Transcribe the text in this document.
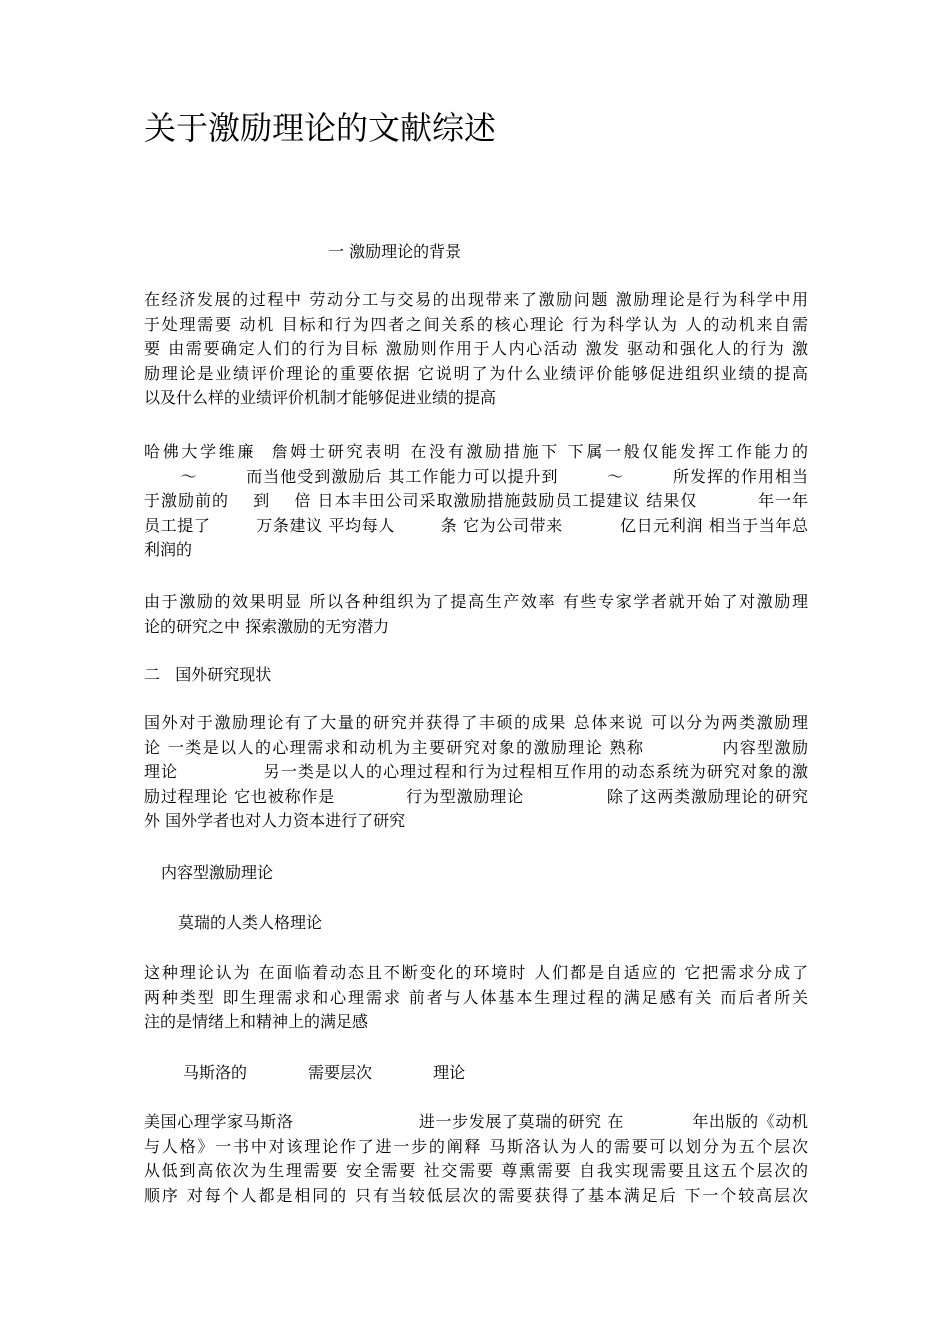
关于激励理论的文献综述
一 激励理论的背景
在经济发展的过程中 劳动分工与交易的出现带来了激励问题 激励理论是行为科学中用
于处理需要 动机 目标和行为四者之间关系的核心理论 行为科学认为 人的动机来自需
要 由需要确定人们的行为目标 激励则作用于人内心活动 激发 驱动和强化人的行为 激
励理论是业绩评价理论的重要依据 它说明了为什么业绩评价能够促进组织业绩的提高
以及什么样的业绩评价机制才能够促进业绩的提高
哈佛大学维廉  詹姆士研究表明 在没有激励措施下 下属一般仅能发挥工作能力的
～        而当他受到激励后 其工作能力可以提升到        ～        所发挥的作用相当
于激励前的    到    倍 日本丰田公司采取激励措施鼓励员工提建议 结果仅          年一年
员工提了        万条建议 平均每人        条 它为公司带来          亿日元利润 相当于当年总
利润的
由于激励的效果明显 所以各种组织为了提高生产效率 有些专家学者就开始了对激励理
论的研究之中 探索激励的无穷潜力
二   国外研究现状
国外对于激励理论有了大量的研究并获得了丰硕的成果 总体来说 可以分为两类激励理
论 一类是以人的心理需求和动机为主要研究对象的激励理论 熟称            内容型激励
理论              另一类是以人的心理过程和行为过程相互作用的动态系统为研究对象的激
励过程理论 它也被称作是            行为型激励理论              除了这两类激励理论的研究
外 国外学者也对人力资本进行了研究
内容型激励理论
莫瑞的人类人格理论
这种理论认为 在面临着动态且不断变化的环境时 人们都是自适应的 它把需求分成了
两种类型 即生理需求和心理需求 前者与人体基本生理过程的满足感有关 而后者所关
注的是情绪上和精神上的满足感
马斯洛的            需要层次            理论
美国心理学家马斯洛                      进一步发展了莫瑞的研究 在            年出版的《动机
与人格》一书中对该理论作了进一步的阐释 马斯洛认为人的需要可以划分为五个层次
从低到高依次为生理需要 安全需要 社交需要 尊熏需要 自我实现需要且这五个层次的
顺序 对每个人都是相同的 只有当较低层次的需要获得了基本满足后 下一个较高层次
